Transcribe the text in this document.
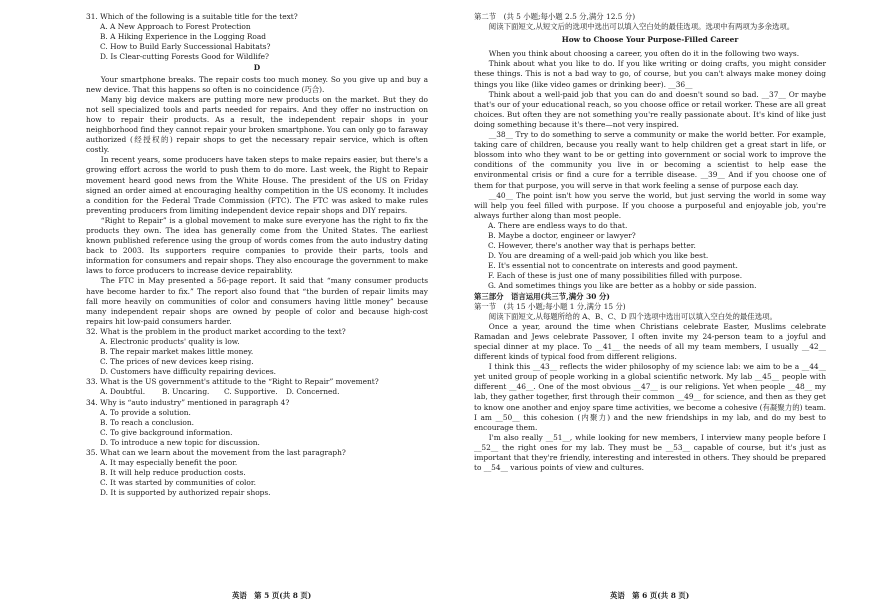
31. Which of the following is a suitable title for the text?

A. A New Approach to Forest Protection

B. A Hiking Experience in the Logging Road

C. How to Build Early Successional Habitats?

D. Is Clear-cutting Forests Good for Wildlife?

D

Your smartphone breaks. The repair costs too much money. So you give up and buy a new device. That this happens so often is no coincidence (巧合).

Many big device makers are putting more new products on the market. But they do not sell specialized tools and parts needed for repairs. And they offer no instruction on how to repair their products. As a result, the independent repair shops in your neighborhood find they cannot repair your broken smartphone. You can only go to faraway authorized (经授权的) repair shops to get the necessary repair service, which is often costly.

In recent years, some producers have taken steps to make repairs easier, but there's a growing effort across the world to push them to do more. Last week, the Right to Repair movement heard good news from the White House. The president of the US on Friday signed an order aimed at encouraging healthy competition in the US economy. It includes a condition for the Federal Trade Commission (FTC). The FTC was asked to make rules preventing producers from limiting independent device repair shops and DIY repairs.

“Right to Repair” is a global movement to make sure everyone has the right to fix the products they own. The idea has generally come from the United States. The earliest known published reference using the group of words comes from the auto industry dating back to 2003. Its supporters require companies to provide their parts, tools and information for consumers and repair shops. They also encourage the government to make laws to force producers to increase device repairablity.

The FTC in May presented a 56-page report. It said that “many consumer products have become harder to fix.” The report also found that “the burden of repair limits may fall more heavily on communities of color and consumers having little money” because many independent repair shops are owned by people of color and because high-cost repairs hit low-paid consumers harder.

32. What is the problem in the product market according to the text?

A. Electronic products' quality is low.

B. The repair market makes little money.

C. The prices of new devices keep rising.

D. Customers have difficulty repairing devices.

33. What is the US government's attitude to the “Right to Repair” movement?

A. Doubtful.	B. Uncaring.	C. Supportive.	D. Concerned.

34. Why is “auto industry” mentioned in paragraph 4?

A. To provide a solution.

B. To reach a conclusion.

C. To give background information.

D. To introduce a new topic for discussion.

35. What can we learn about the movement from the last paragraph?

A. It may especially benefit the poor.

B. It will help reduce production costs.

C. It was started by communities of color.

D. It is supported by authorized repair shops.

第二节　(共 5 小题;每小题 2.5 分,满分 12.5 分)

阅读下面短文,从短文后的选项中选出可以填入空白处的最佳选项。选项中有两项为多余选项。

How to Choose Your Purpose-Filled Career

When you think about choosing a career, you often do it in the following two ways.

Think about what you like to do. If you like writing or doing crafts, you might consider these things. This is not a bad way to go, of course, but you can't always make money doing things you like (like video games or drinking beer). __36__

Think about a well-paid job that you can do and doesn't sound so bad. __37__ Or maybe that's our of your educational reach, so you choose office or retail worker. These are all great choices. But often they are not something you're really passionate about. It's kind of like just doing something because it's there—not very inspired.

__38__ Try to do something to serve a community or make the world better. For example, taking care of children, because you really want to help children get a great start in life, or blossom into who they want to be or getting into government or social work to improve the conditions of the community you live in or becoming a scientist to help ease the environmental crisis or find a cure for a terrible disease. __39__ And if you choose one of them for that purpose, you will serve in that work feeling a sense of purpose each day.

__40__ The point isn't how you serve the world, but just serving the world in some way will help you feel filled with purpose. If you choose a purposeful and enjoyable job, you're always further along than most people.

A. There are endless ways to do that.

B. Maybe a doctor, engineer or lawyer?

C. However, there's another way that is perhaps better.

D. You are dreaming of a well-paid job which you like best.

E. It's essential not to concentrate on interests and good payment.

F. Each of these is just one of many possibilities filled with purpose.

G. And sometimes things you like are better as a hobby or side passion.

第三部分　语言运用(共三节,满分 30 分)

第一节　(共 15 小题;每小题 1 分,满分 15 分)

阅读下面短文,从每题所给的 A、B、C、D 四个选项中选出可以填入空白处的最佳选项。

Once a year, around the time when Christians celebrate Easter, Muslims celebrate Ramadan and Jews celebrate Passover, I often invite my 24-person team to a joyful and special dinner at my place. To __41__ the needs of all my team members, I usually __42__ different kinds of typical food from different religions.

I think this __43__ reflects the wider philosophy of my science lab: we aim to be a __44__ yet united group of people working in a global scientific network. My lab __45__ people with different __46__. One of the most obvious __47__ is our religions. Yet when people __48__ my lab, they gather together, first through their common __49__ for science, and then as they get to know one another and enjoy spare time activities, we become a cohesive (有凝聚力的) team. I am __50__ this cohesion (内聚力) and the new friendships in my lab, and do my best to encourage them.

I'm also really __51__, while looking for new members, I interview many people before I __52__ the right ones for my lab. They must be __53__ capable of course, but it's just as important that they're friendly, interesting and interested in others. They should be prepared to __54__ various points of view and cultures.

英语　第 5 页(共 8 页)	英语　第 6 页(共 8 页)
